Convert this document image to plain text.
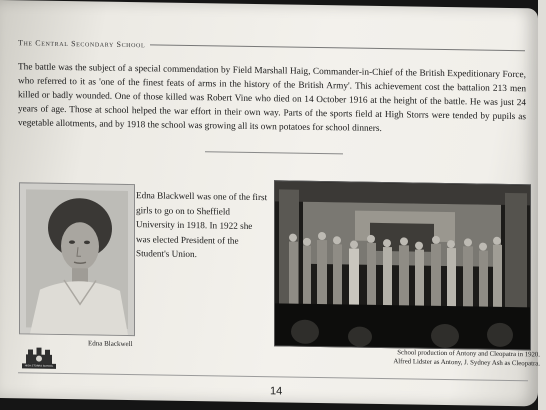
The Central Secondary School
The battle was the subject of a special commendation by Field Marshall Haig, Commander-in-Chief of the British Expeditionary Force, who referred to it as 'one of the finest feats of arms in the history of the British Army'. This achievement cost the battalion 213 men killed or badly wounded. One of those killed was Robert Vine who died on 14 October 1916 at the height of the battle. He was just 24 years of age. Those at school helped the war effort in their own way. Parts of the sports field at High Storrs were tended by pupils as vegetable allotments, and by 1918 the school was growing all its own potatoes for school dinners.
Edna Blackwell
Edna Blackwell was one of the first girls to go on to Sheffield University in 1918. In 1922 she was elected President of the Student's Union.
School production of Antony and Cleopatra in 1920.
Alfred Lidster as Antony, J. Sydney Ash as Cleopatra.
HIGH STORRS SCHOOL
14
